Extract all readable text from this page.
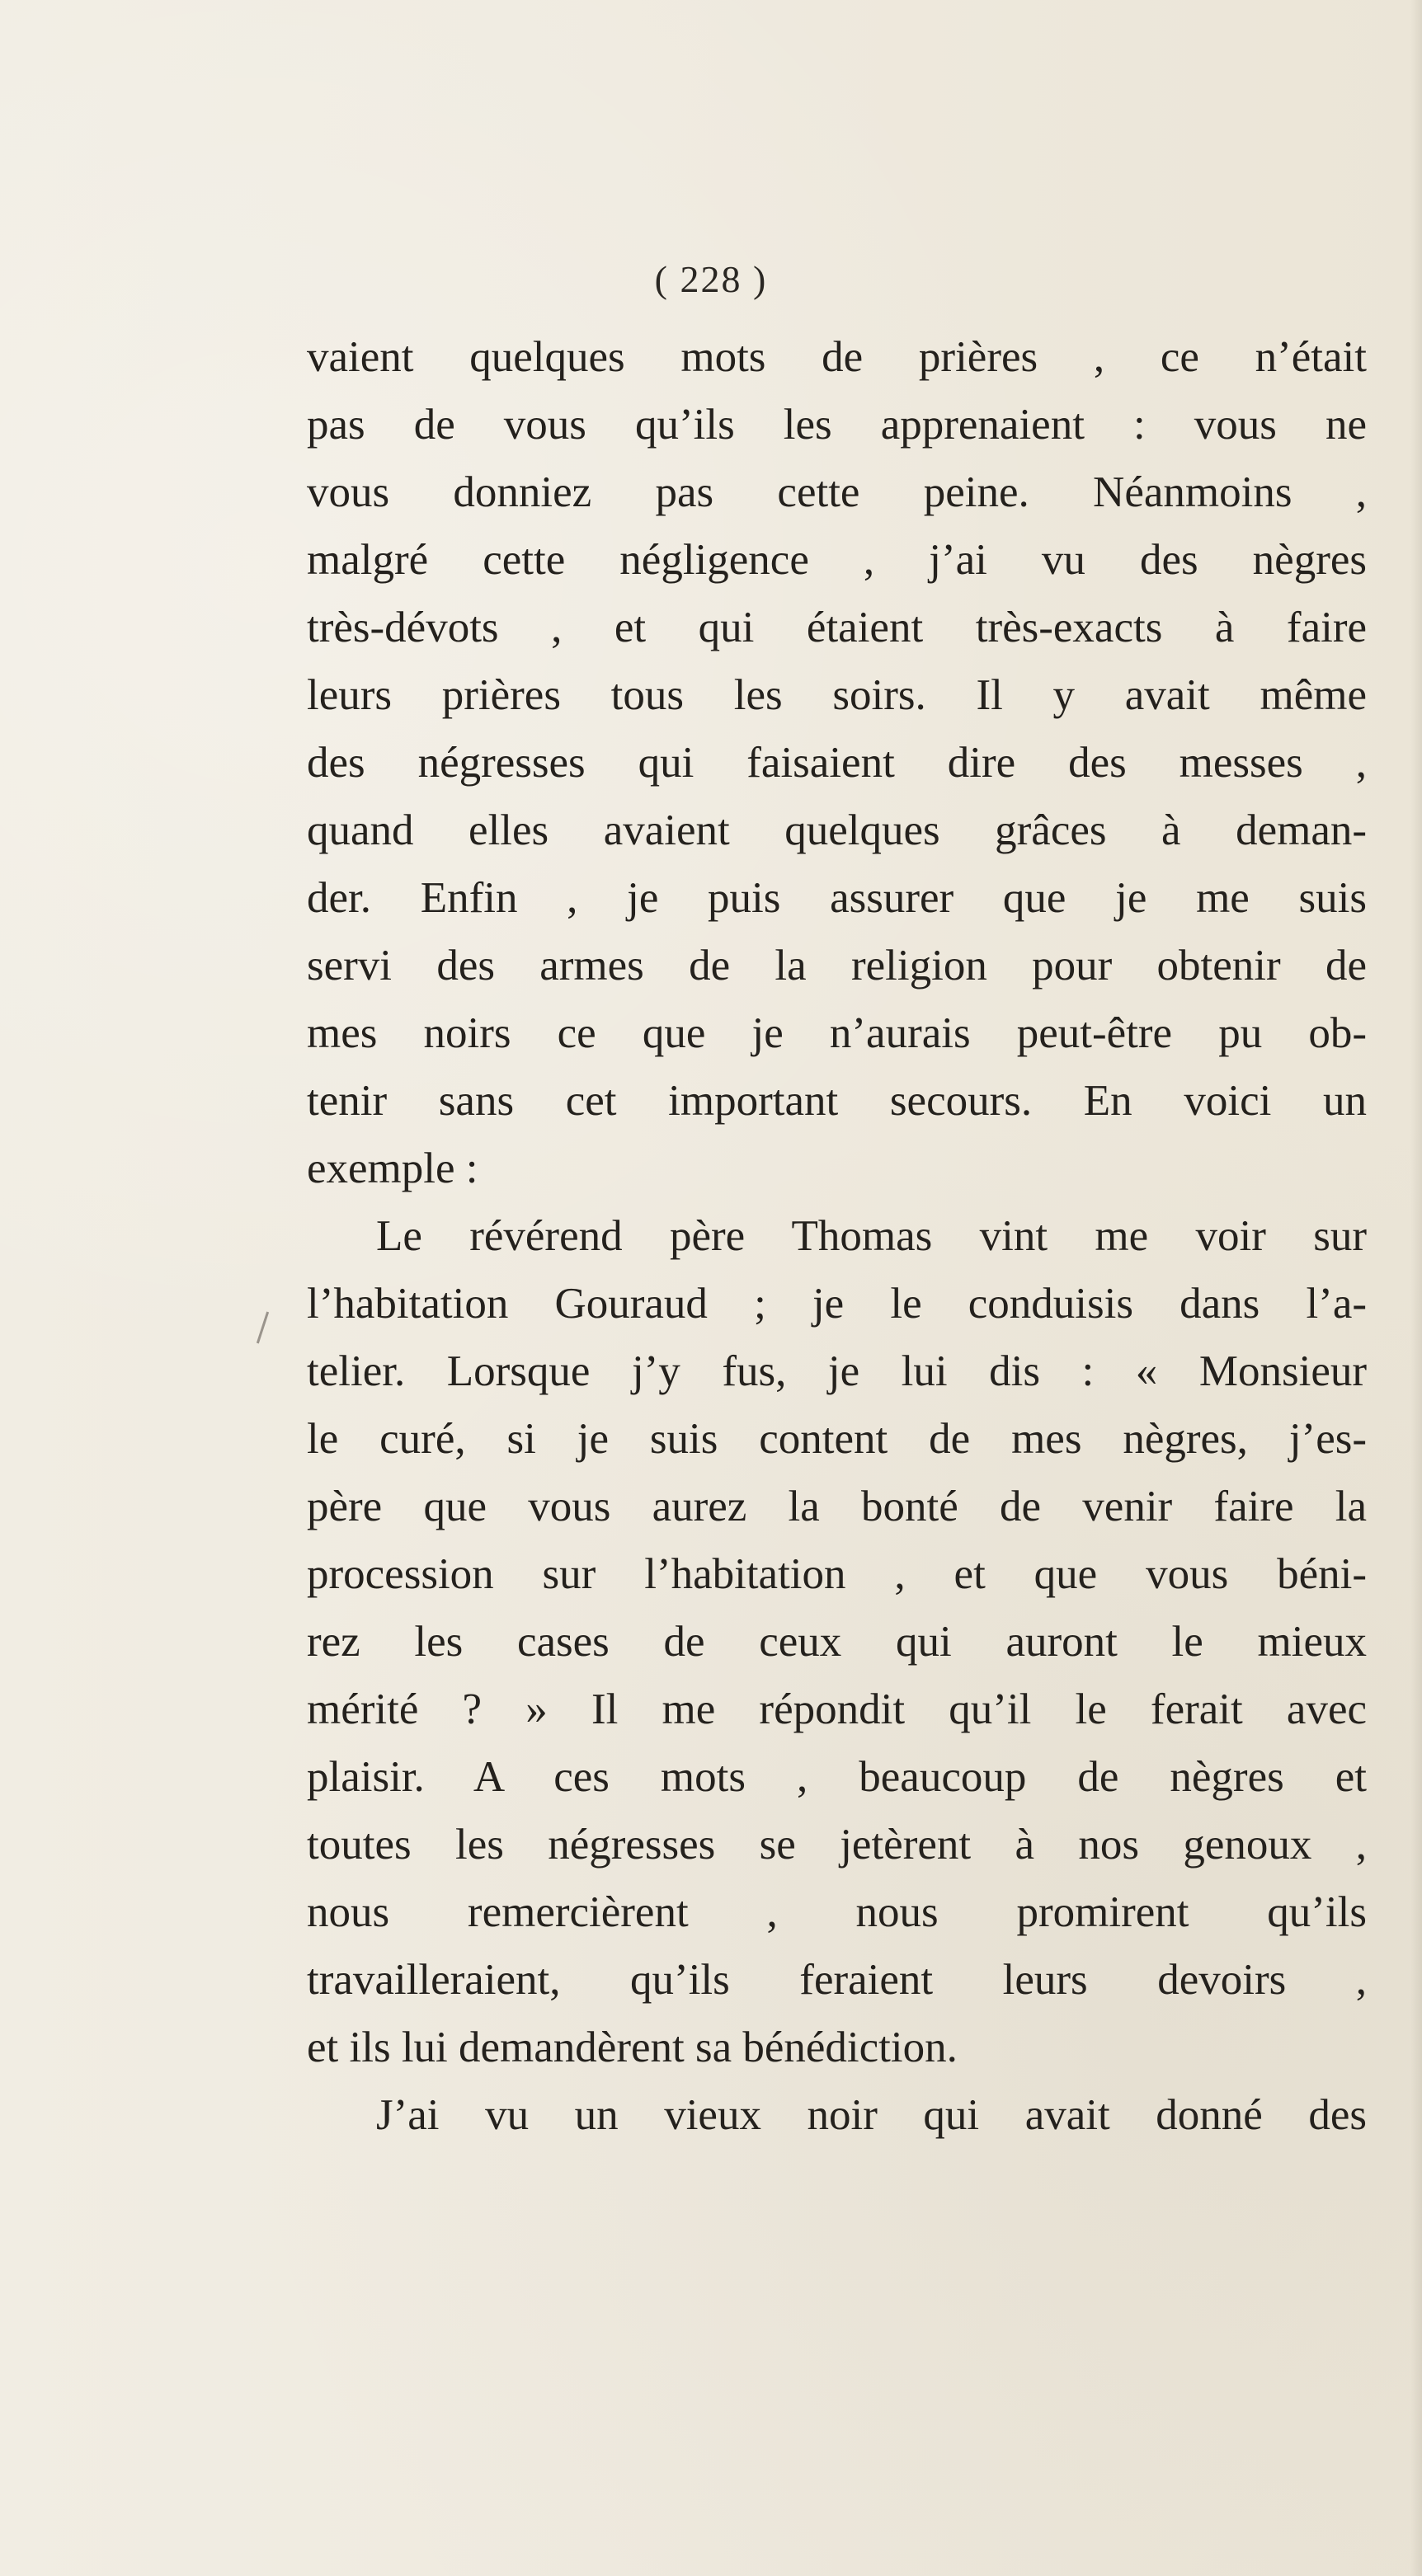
( 228 )
vaient quelques mots de prières , ce n’était
pas de vous qu’ils les apprenaient : vous ne
vous donniez pas cette peine. Néanmoins ,
malgré cette négligence , j’ai vu des nègres
très-dévots , et qui étaient très-exacts à faire
leurs prières tous les soirs. Il y avait même
des négresses qui faisaient dire des messes ,
quand elles avaient quelques grâces à deman-
der. Enfin , je puis assurer que je me suis
servi des armes de la religion pour obtenir de
mes noirs ce que je n’aurais peut-être pu ob-
tenir sans cet important secours. En voici un
exemple :
Le révérend père Thomas vint me voir sur
l’habitation Gouraud ; je le conduisis dans l’a-
telier. Lorsque j’y fus, je lui dis : « Monsieur
le curé, si je suis content de mes nègres, j’es-
père que vous aurez la bonté de venir faire la
procession sur l’habitation , et que vous béni-
rez les cases de ceux qui auront le mieux
mérité ? » Il me répondit qu’il le ferait avec
plaisir. A ces mots , beaucoup de nègres et
toutes les négresses se jetèrent à nos genoux ,
nous remercièrent , nous promirent qu’ils
travailleraient, qu’ils feraient leurs devoirs ,
et ils lui demandèrent sa bénédiction.
J’ai vu un vieux noir qui avait donné des
